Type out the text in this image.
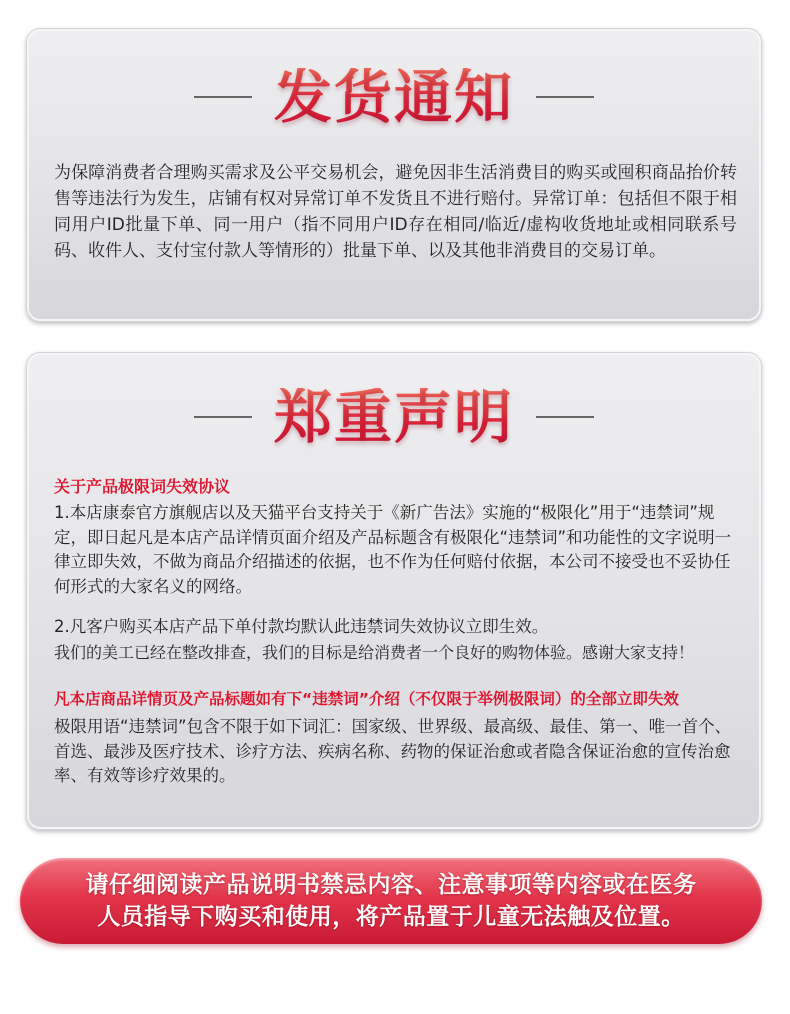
发货通知

为保障消费者合理购买需求及公平交易机会，避免因非生活消费目的购买或囤积商品抬价转售等违法行为发生，店铺有权对异常订单不发货且不进行赔付。异常订单：包括但不限于相同用户ID批量下单、同一用户（指不同用户ID存在相同/临近/虚构收货地址或相同联系号码、收件人、支付宝付款人等情形的）批量下单、以及其他非消费目的交易订单。

郑重声明

关于产品极限词失效协议

1.本店康泰官方旗舰店以及天猫平台支持关于《新广告法》实施的“极限化”用于“违禁词”规定，即日起凡是本店产品详情页面介绍及产品标题含有极限化“违禁词”和功能性的文字说明一律立即失效，不做为商品介绍描述的依据，也不作为任何赔付依据，本公司不接受也不妥协任何形式的大家名义的网络。

2.凡客户购买本店产品下单付款均默认此违禁词失效协议立即生效。

我们的美工已经在整改排查，我们的目标是给消费者一个良好的购物体验。感谢大家支持！

凡本店商品详情页及产品标题如有下“违禁词”介绍（不仅限于举例极限词）的全部立即失效

极限用语“违禁词”包含不限于如下词汇：国家级、世界级、最高级、最佳、第一、唯一首个、首选、最涉及医疗技术、诊疗方法、疾病名称、药物的保证治愈或者隐含保证治愈的宣传治愈率、有效等诊疗效果的。

请仔细阅读产品说明书禁忌内容、注意事项等内容或在医务
人员指导下购买和使用，将产品置于儿童无法触及位置。
